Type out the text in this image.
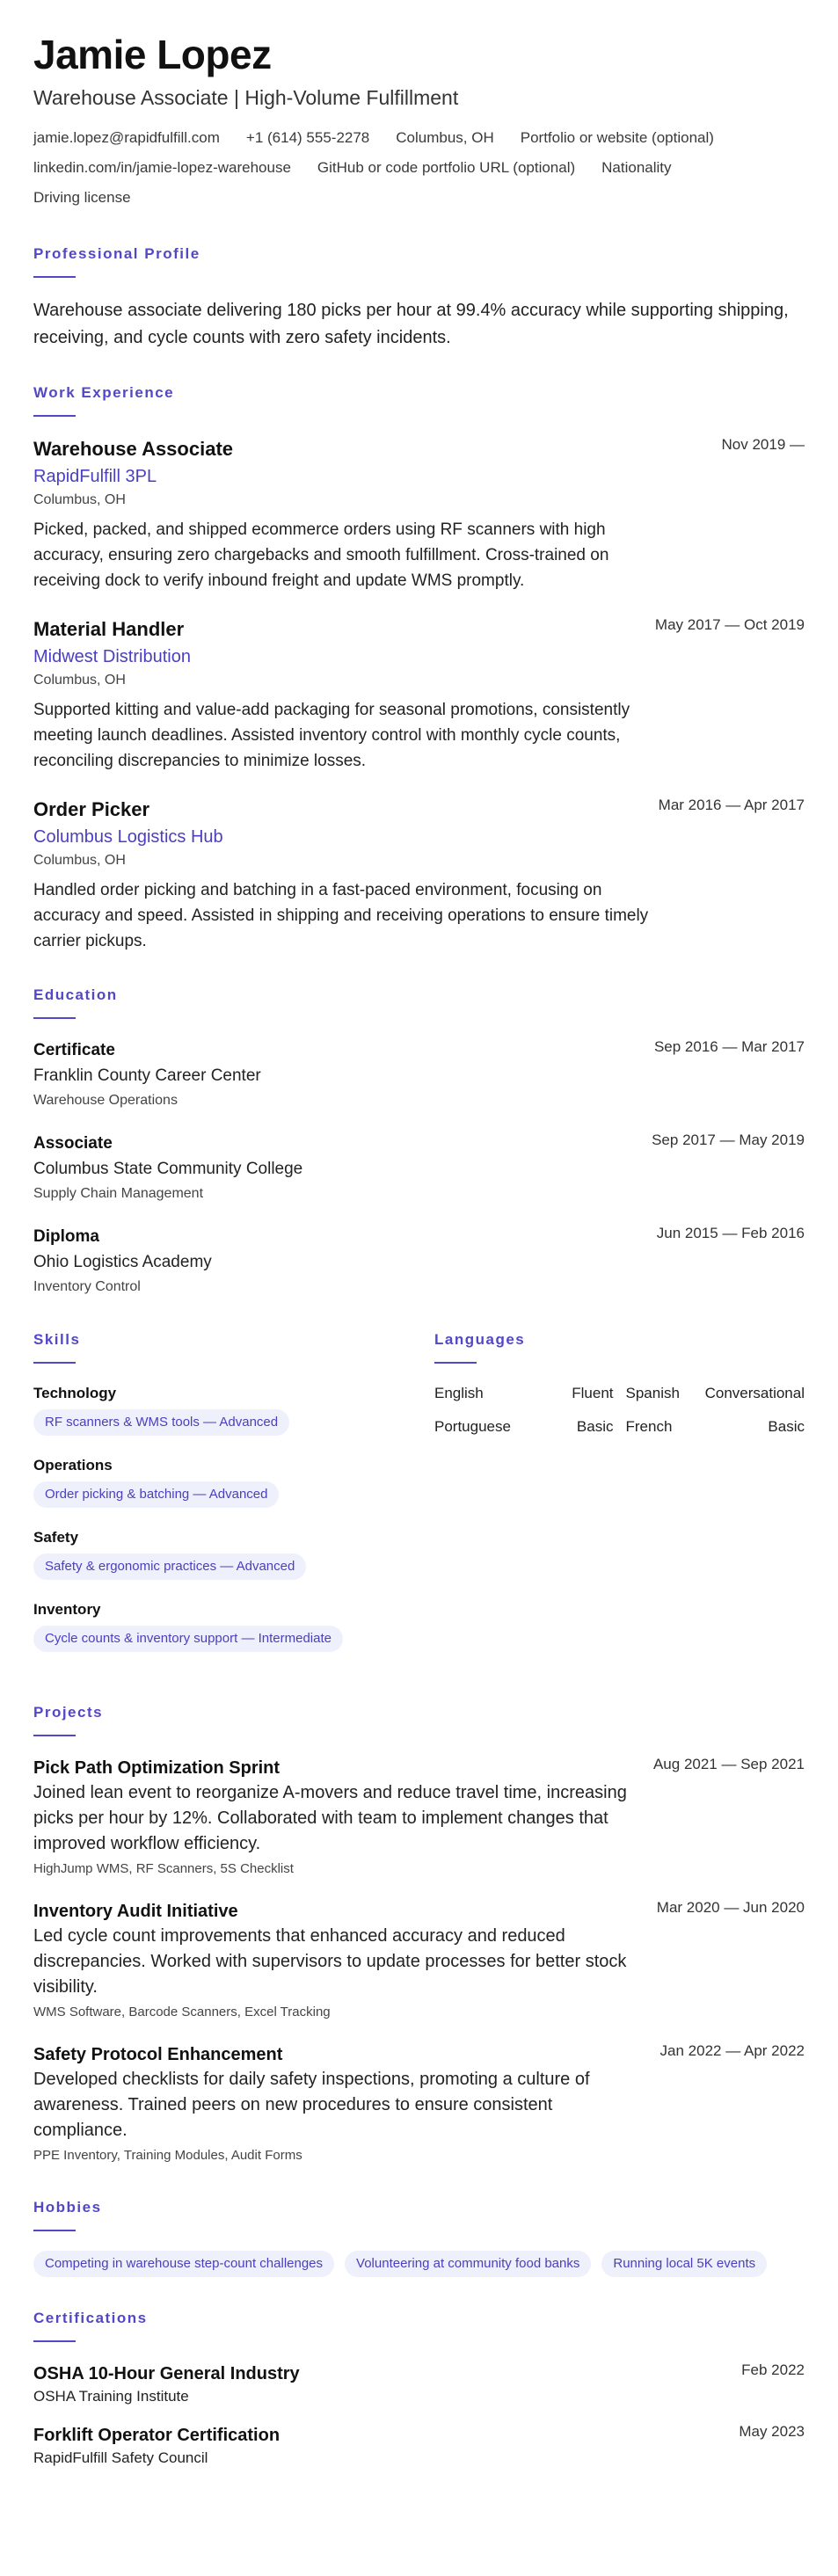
Jamie Lopez
Warehouse Associate | High-Volume Fulfillment
jamie.lopez@rapidfulfill.com +1 (614) 555-2278 Columbus, OH Portfolio or website (optional)
linkedin.com/in/jamie-lopez-warehouse GitHub or code portfolio URL (optional) Nationality
Driving license
Professional Profile

Warehouse associate delivering 180 picks per hour at 99.4% accuracy while supporting shipping, receiving, and cycle counts with zero safety incidents.

Work Experience
Nov 2019 —
Warehouse Associate
RapidFulfill 3PL
Columbus, OH
Picked, packed, and shipped ecommerce orders using RF scanners with high accuracy, ensuring zero chargebacks and smooth fulfillment. Cross-trained on receiving dock to verify inbound freight and update WMS promptly.
May 2017 — Oct 2019
Material Handler
Midwest Distribution
Columbus, OH
Supported kitting and value-add packaging for seasonal promotions, consistently meeting launch deadlines. Assisted inventory control with monthly cycle counts, reconciling discrepancies to minimize losses.
Mar 2016 — Apr 2017
Order Picker
Columbus Logistics Hub
Columbus, OH
Handled order picking and batching in a fast-paced environment, focusing on accuracy and speed. Assisted in shipping and receiving operations to ensure timely carrier pickups.
Education
Sep 2016 — Mar 2017
Certificate
Franklin County Career Center
Warehouse Operations
Sep 2017 — May 2019
Associate
Columbus State Community College
Supply Chain Management
Jun 2015 — Feb 2016
Diploma
Ohio Logistics Academy
Inventory Control
Skills
Technology
RF scanners & WMS tools — Advanced
Operations
Order picking & batching — Advanced
Safety
Safety & ergonomic practices — Advanced
Inventory
Cycle counts & inventory support — Intermediate
Languages
English	Fluent Spanish Conversational
Portuguese	Basic French	Basic
Projects
Aug 2021 — Sep 2021
Pick Path Optimization Sprint
Joined lean event to reorganize A-movers and reduce travel time, increasing picks per hour by 12%. Collaborated with team to implement changes that improved workflow efficiency.
HighJump WMS, RF Scanners, 5S Checklist
Mar 2020 — Jun 2020
Inventory Audit Initiative
Led cycle count improvements that enhanced accuracy and reduced discrepancies. Worked with supervisors to update processes for better stock visibility.
WMS Software, Barcode Scanners, Excel Tracking
Jan 2022 — Apr 2022
Safety Protocol Enhancement
Developed checklists for daily safety inspections, promoting a culture of awareness. Trained peers on new procedures to ensure consistent compliance.
PPE Inventory, Training Modules, Audit Forms
Hobbies
Competing in warehouse step-count challenges	Volunteering at community food banks	Running local 5K events
Certifications
Feb 2022
OSHA 10-Hour General Industry
OSHA Training Institute
May 2023
Forklift Operator Certification
RapidFulfill Safety Council
